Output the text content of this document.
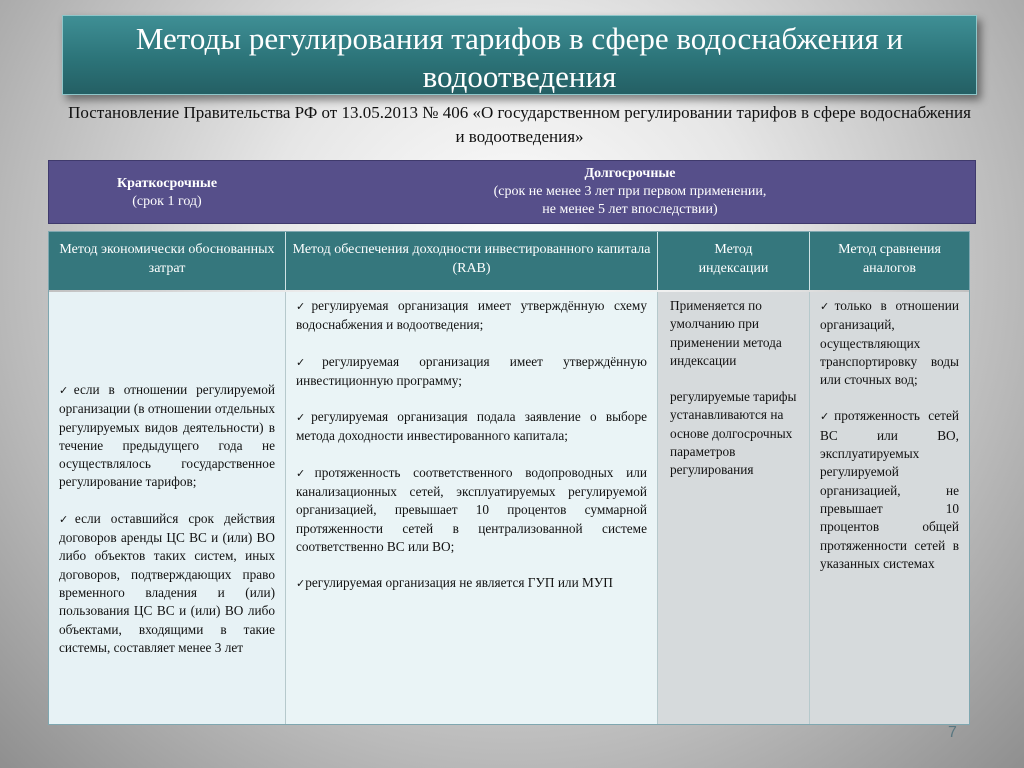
Методы регулирования тарифов в сфере водоснабжения и водоотведения
Постановление Правительства РФ от 13.05.2013 № 406 «О государственном регулировании тарифов в сфере водоснабжения и водоотведения»
Краткосрочные
(срок 1 год)
Долгосрочные
(срок не менее 3 лет при первом применении,
не менее 5 лет впоследствии)
Метод экономически обоснованных затрат
Метод обеспечения доходности инвестированного капитала (RAB)
Метод
индексации
Метод сравнения аналогов

✓если в отношении регулируемой организации (в отношении отдельных регулируемых видов деятельности) в течение предыдущего года не осуществлялось государственное регулирование тарифов;

✓если оставшийся срок действия договоров аренды ЦС ВС и (или) ВО либо объектов таких систем, иных договоров, подтверждающих право временного владения и (или) пользования ЦС ВС и (или) ВО либо объектами, входящими в такие системы, составляет менее 3 лет

✓регулируемая организация имеет утверждённую схему водоснабжения и водоотведения;

✓регулируемая организация имеет утверждённую инвестиционную программу;

✓регулируемая организация подала заявление о выборе метода доходности инвестированного капитала;

✓протяженность соответственного водопроводных или канализационных сетей, эксплуатируемых регулируемой организацией, превышает 10 процентов суммарной протяженности сетей в централизованной системе соответственно ВС или ВО;

✓регулируемая организация не является ГУП или МУП

Применяется по умолчанию при применении метода индексации

регулируемые тарифы устанавливаются на основе долгосрочных параметров регулирования

✓только в отношении организаций, осуществляющих транспортировку воды или сточных вод;

✓протяженность сетей ВС или ВО, эксплуатируемых регулируемой организацией, не превышает 10 процентов общей протяженности сетей в указанных системах

7
